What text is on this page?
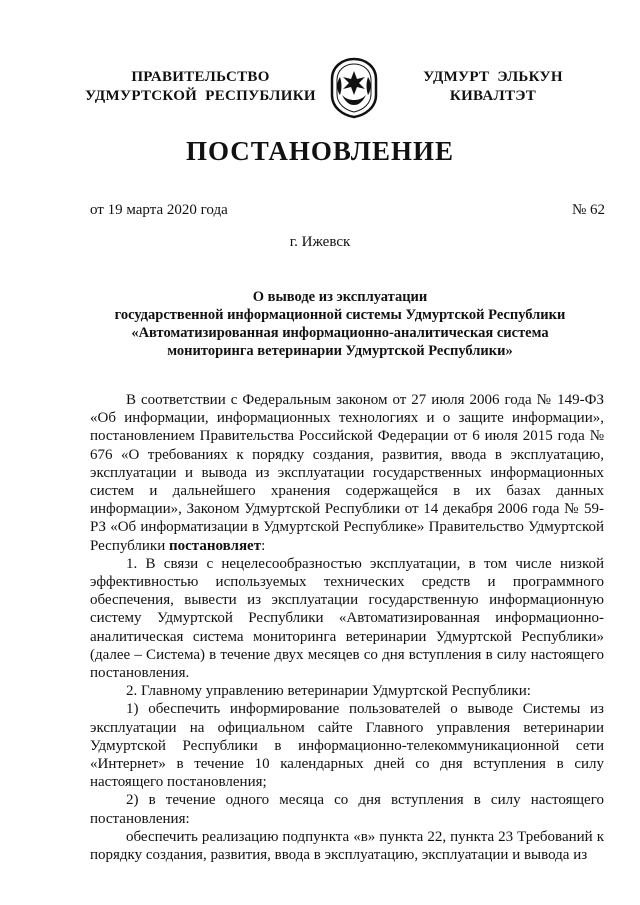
ПРАВИТЕЛЬСТВО
УДМУРТСКОЙ  РЕСПУБЛИКИ
УДМУРТ  ЭЛЬКУН
КИВАЛТЭТ
ПОСТАНОВЛЕНИЕ
от 19 марта 2020 года	№ 62
г. Ижевск
О выводе из эксплуатации
государственной информационной системы Удмуртской Республики
«Автоматизированная информационно-аналитическая система
мониторинга ветеринарии Удмуртской Республики»

В соответствии с Федеральным законом от 27 июля 2006 года № 149-ФЗ «Об информации, информационных технологиях и о защите информации», постановлением Правительства Российской Федерации от 6 июля 2015 года № 676 «О требованиях к порядку создания, развития, ввода в эксплуатацию, эксплуатации и вывода из эксплуатации государственных информационных систем и дальнейшего хранения содержащейся в их базах данных информации», Законом Удмуртской Республики от 14 декабря 2006 года № 59-РЗ «Об информатизации в Удмуртской Республике» Правительство Удмуртской Республики постановляет:

1. В связи с нецелесообразностью эксплуатации, в том числе низкой эффективностью используемых технических средств и программного обеспечения, вывести из эксплуатации государственную информационную систему Удмуртской Республики «Автоматизированная информационно-аналитическая система мониторинга ветеринарии Удмуртской Республики» (далее – Система) в течение двух месяцев со дня вступления в силу настоящего постановления.

2. Главному управлению ветеринарии Удмуртской Республики:

1) обеспечить информирование пользователей о выводе Системы из эксплуатации на официальном сайте Главного управления ветеринарии Удмуртской Республики в информационно-телекоммуникационной сети «Интернет» в течение 10 календарных дней со дня вступления в силу настоящего постановления;

2) в течение одного месяца со дня вступления в силу настоящего постановления:

обеспечить реализацию подпункта «в» пункта 22, пункта 23 Требований к порядку создания, развития, ввода в эксплуатацию, эксплуатации и вывода из
